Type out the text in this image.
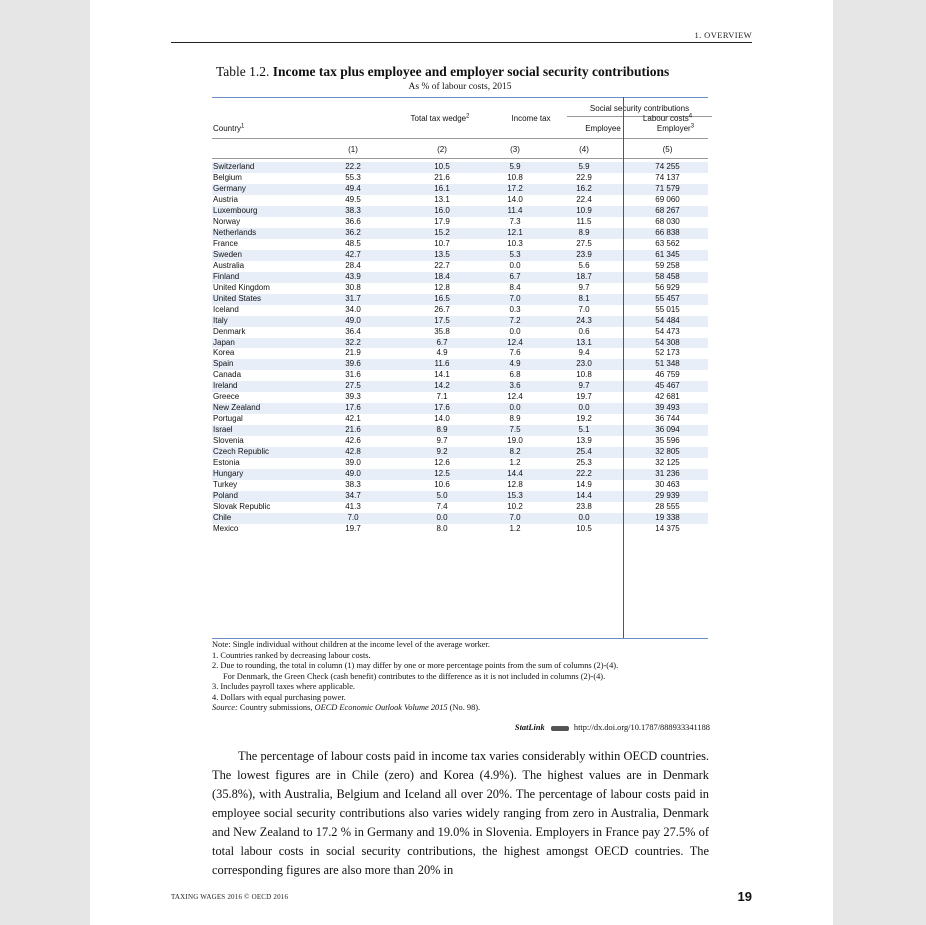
1. OVERVIEW
Table 1.2. Income tax plus employee and employer social security contributions
As % of labour costs, 2015
Total tax wedge$^2$	Income tax
Social security contributions
Country$^1$	Employee	Employer$^3$
Labour costs$^4$
(1)	(2)	(3)	(4)	(5)
Switzerland	22.2	10.5	5.9	5.9	74 255
Belgium	55.3	21.6	10.8	22.9	74 137
Germany	49.4	16.1	17.2	16.2	71 579
Austria	49.5	13.1	14.0	22.4	69 060
Luxembourg	38.3	16.0	11.4	10.9	68 267
Norway	36.6	17.9	7.3	11.5	68 030
Netherlands	36.2	15.2	12.1	8.9	66 838
France	48.5	10.7	10.3	27.5	63 562
Sweden	42.7	13.5	5.3	23.9	61 345
Australia	28.4	22.7	0.0	5.6	59 258
Finland	43.9	18.4	6.7	18.7	58 458
United Kingdom	30.8	12.8	8.4	9.7	56 929
United States	31.7	16.5	7.0	8.1	55 457
Iceland	34.0	26.7	0.3	7.0	55 015
Italy	49.0	17.5	7.2	24.3	54 484
Denmark	36.4	35.8	0.0	0.6	54 473
Japan	32.2	6.7	12.4	13.1	54 308
Korea	21.9	4.9	7.6	9.4	52 173
Spain	39.6	11.6	4.9	23.0	51 348
Canada	31.6	14.1	6.8	10.8	46 759
Ireland	27.5	14.2	3.6	9.7	45 467
Greece	39.3	7.1	12.4	19.7	42 681
New Zealand	17.6	17.6	0.0	0.0	39 493
Portugal	42.1	14.0	8.9	19.2	36 744
Israel	21.6	8.9	7.5	5.1	36 094
Slovenia	42.6	9.7	19.0	13.9	35 596
Czech Republic	42.8	9.2	8.2	25.4	32 805
Estonia	39.0	12.6	1.2	25.3	32 125
Hungary	49.0	12.5	14.4	22.2	31 236
Turkey	38.3	10.6	12.8	14.9	30 463
Poland	34.7	5.0	15.3	14.4	29 939
Slovak Republic	41.3	7.4	10.2	23.8	28 555
Chile	7.0	0.0	7.0	0.0	19 338
Mexico	19.7	8.0	1.2	10.5	14 375
Note: Single individual without children at the income level of the average worker.
1. Countries ranked by decreasing labour costs.
2. Due to rounding, the total in column (1) may differ by one or more percentage points from the sum of columns (2)-(4).
For Denmark, the Green Check (cash benefit) contributes to the difference as it is not included in columns (2)-(4).
3. Includes payroll taxes where applicable.
4. Dollars with equal purchasing power.
Source: Country submissions, OECD Economic Outlook Volume 2015 (No. 98).
StatLink	http://dx.doi.org/10.1787/888933341188

The percentage of labour costs paid in income tax varies considerably within OECD countries. The lowest figures are in Chile (zero) and Korea (4.9%). The highest values are in Denmark (35.8%), with Australia, Belgium and Iceland all over 20%. The percentage of labour costs paid in employee social security contributions also varies widely ranging from zero in Australia, Denmark and New Zealand to 17.2 % in Germany and 19.0% in Slovenia. Employers in France pay 27.5% of total labour costs in social security contributions, the highest amongst OECD countries. The corresponding figures are also more than 20% in

TAXING WAGES 2016 © OECD 2016	19
